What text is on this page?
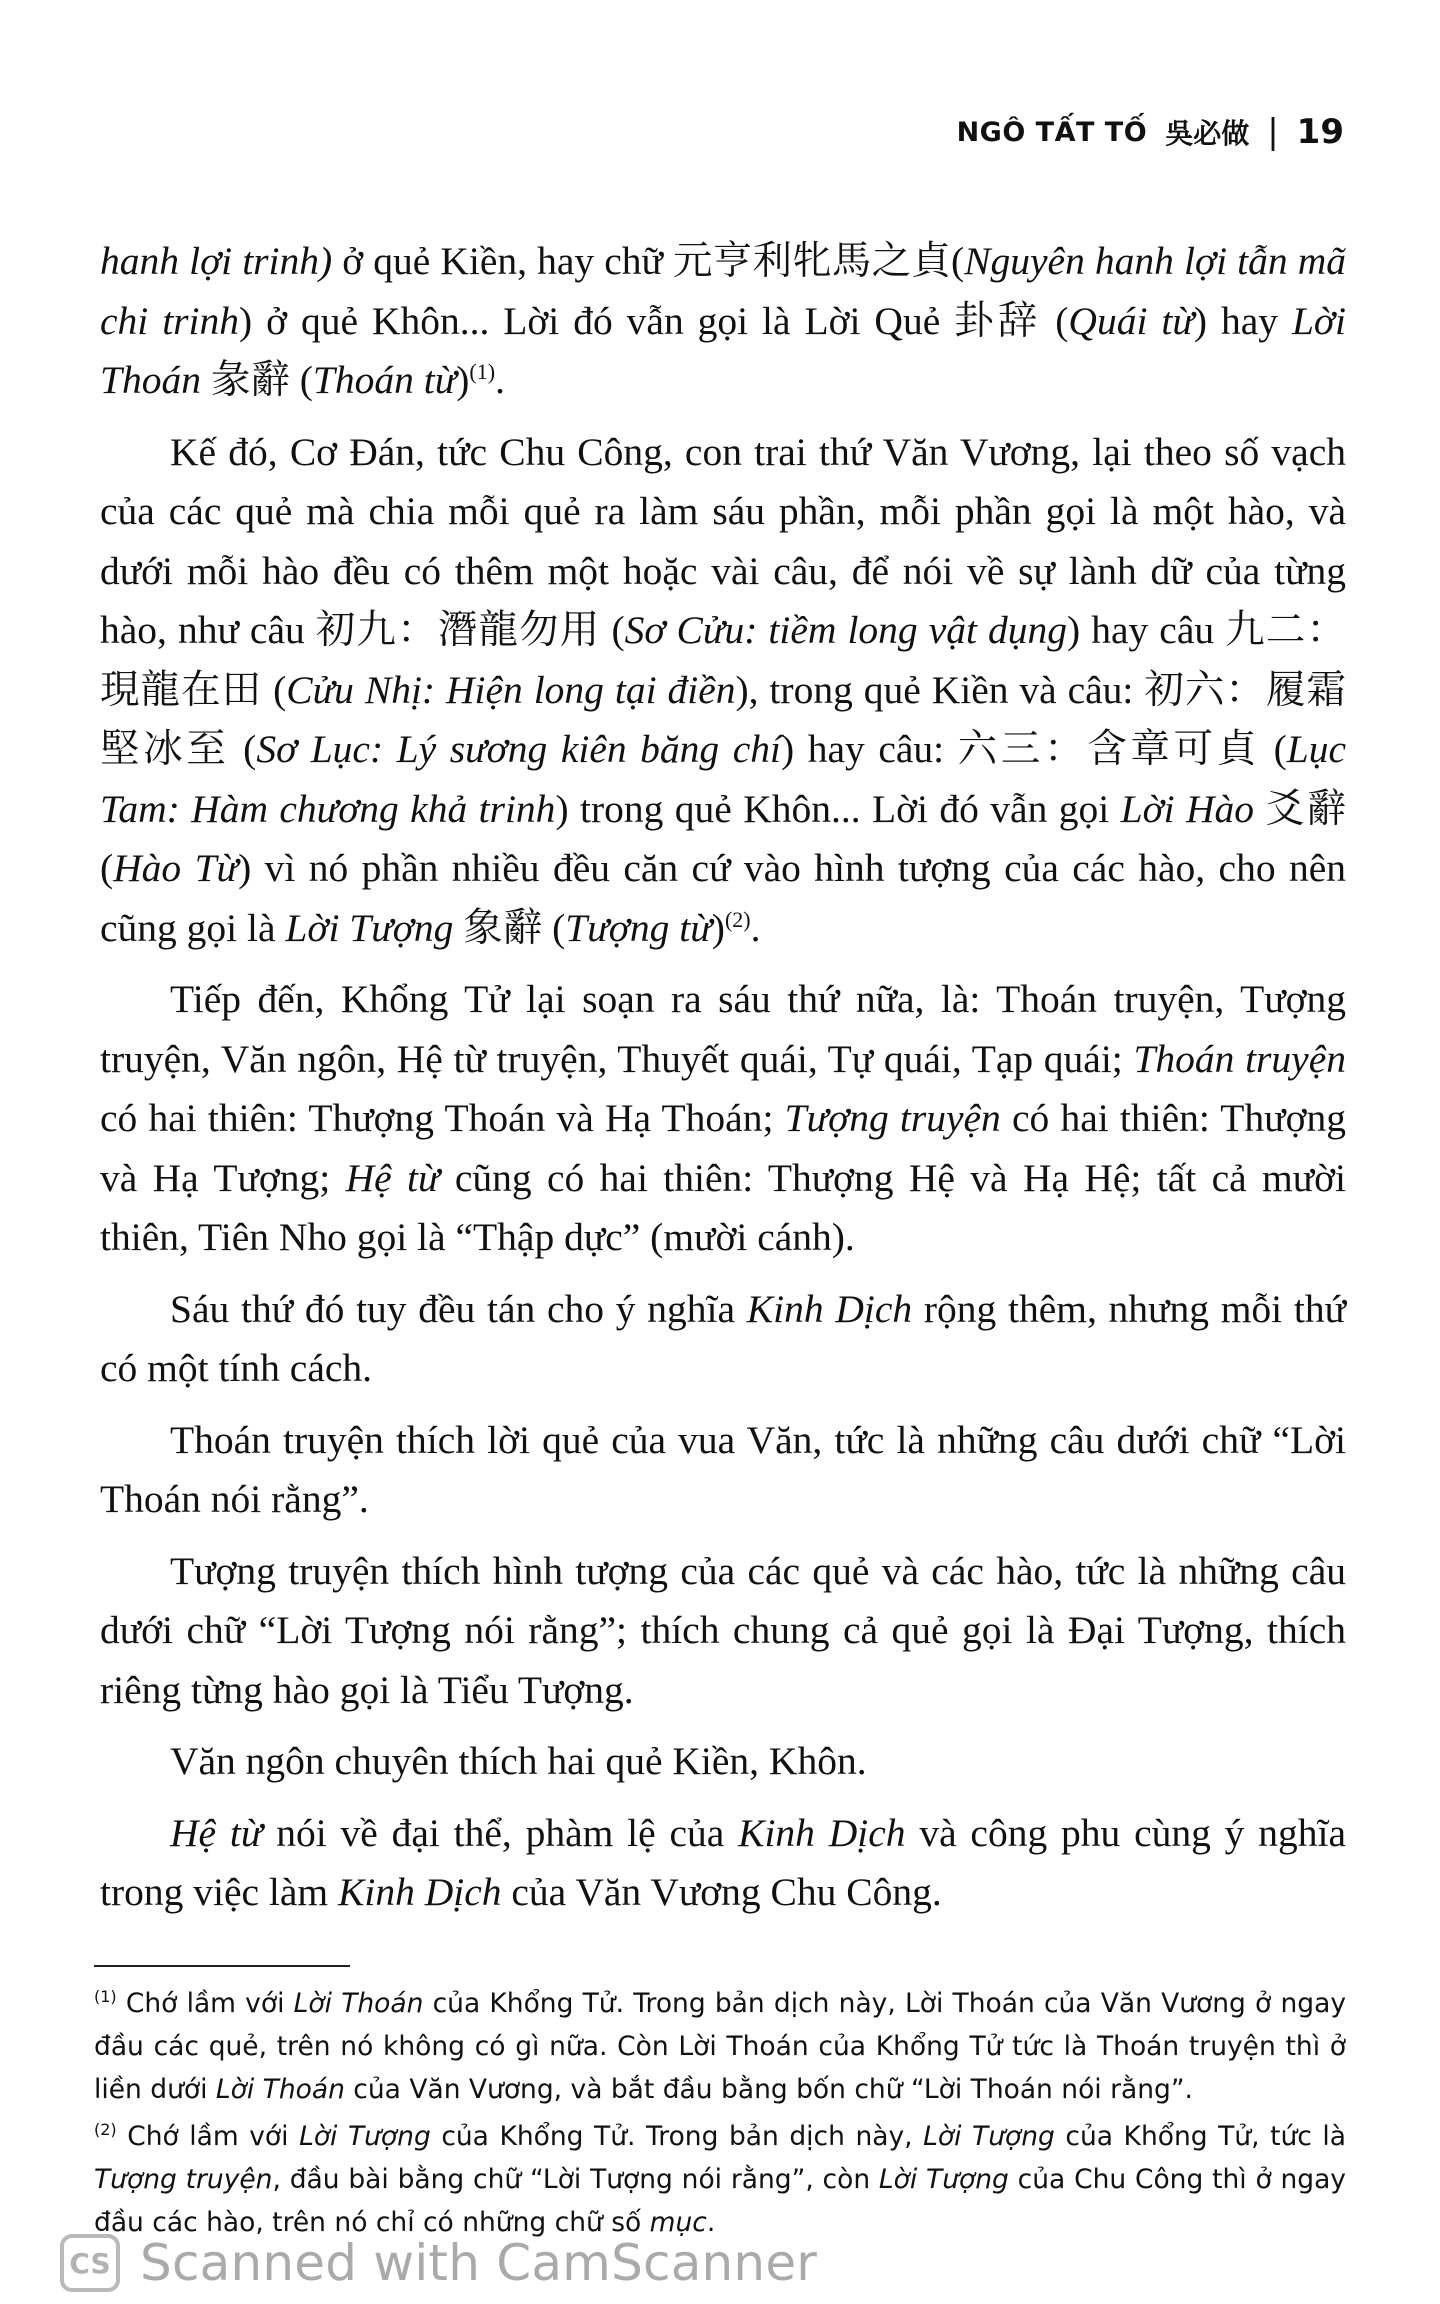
NGÔ TẤT TỐ 吳必做 | 19

hanh lợi trinh) ở quẻ Kiền, hay chữ 元亨利牝馬之貞(Nguyên hanh lợi tẫn mã chi trinh) ở quẻ Khôn... Lời đó vẫn gọi là Lời Quẻ 卦辞 (Quái từ) hay Lời Thoán 彖辭 (Thoán từ)$^{(1)}$.

Kế đó, Cơ Đán, tức Chu Công, con trai thứ Văn Vương, lại theo số vạch của các quẻ mà chia mỗi quẻ ra làm sáu phần, mỗi phần gọi là một hào, và dưới mỗi hào đều có thêm một hoặc vài câu, để nói về sự lành dữ của từng hào, như câu 初九：潛龍勿用 (Sơ Cửu: tiềm long vật dụng) hay câu 九二：現龍在田 (Cửu Nhị: Hiện long tại điền), trong quẻ Kiền và câu: 初六：履霜堅冰至 (Sơ Lục: Lý sương kiên băng chí) hay câu: 六三：含章可貞 (Lục Tam: Hàm chương khả trinh) trong quẻ Khôn... Lời đó vẫn gọi Lời Hào 爻辭 (Hào Từ) vì nó phần nhiều đều căn cứ vào hình tượng của các hào, cho nên cũng gọi là Lời Tượng 象辭 (Tượng từ)$^{(2)}$.

Tiếp đến, Khổng Tử lại soạn ra sáu thứ nữa, là: Thoán truyện, Tượng truyện, Văn ngôn, Hệ từ truyện, Thuyết quái, Tự quái, Tạp quái; Thoán truyện có hai thiên: Thượng Thoán và Hạ Thoán; Tượng truyện có hai thiên: Thượng và Hạ Tượng; Hệ từ cũng có hai thiên: Thượng Hệ và Hạ Hệ; tất cả mười thiên, Tiên Nho gọi là “Thập dực” (mười cánh).

Sáu thứ đó tuy đều tán cho ý nghĩa Kinh Dịch rộng thêm, nhưng mỗi thứ có một tính cách.

Thoán truyện thích lời quẻ của vua Văn, tức là những câu dưới chữ “Lời Thoán nói rằng”.

Tượng truyện thích hình tượng của các quẻ và các hào, tức là những câu dưới chữ “Lời Tượng nói rằng”; thích chung cả quẻ gọi là Đại Tượng, thích riêng từng hào gọi là Tiểu Tượng.

Văn ngôn chuyên thích hai quẻ Kiền, Khôn.

Hệ từ nói về đại thể, phàm lệ của Kinh Dịch và công phu cùng ý nghĩa trong việc làm Kinh Dịch của Văn Vương Chu Công.

$^{(1)}$ Chớ lầm với Lời Thoán của Khổng Tử. Trong bản dịch này, Lời Thoán của Văn Vương ở ngay đầu các quẻ, trên nó không có gì nữa. Còn Lời Thoán của Khổng Tử tức là Thoán truyện thì ở liền dưới Lời Thoán của Văn Vương, và bắt đầu bằng bốn chữ “Lời Thoán nói rằng”.

$^{(2)}$ Chớ lầm với Lời Tượng của Khổng Tử. Trong bản dịch này, Lời Tượng của Khổng Tử, tức là Tượng truyện, đầu bài bằng chữ “Lời Tượng nói rằng”, còn Lời Tượng của Chu Công thì ở ngay đầu các hào, trên nó chỉ có những chữ số mục.

CS Scanned with CamScanner
